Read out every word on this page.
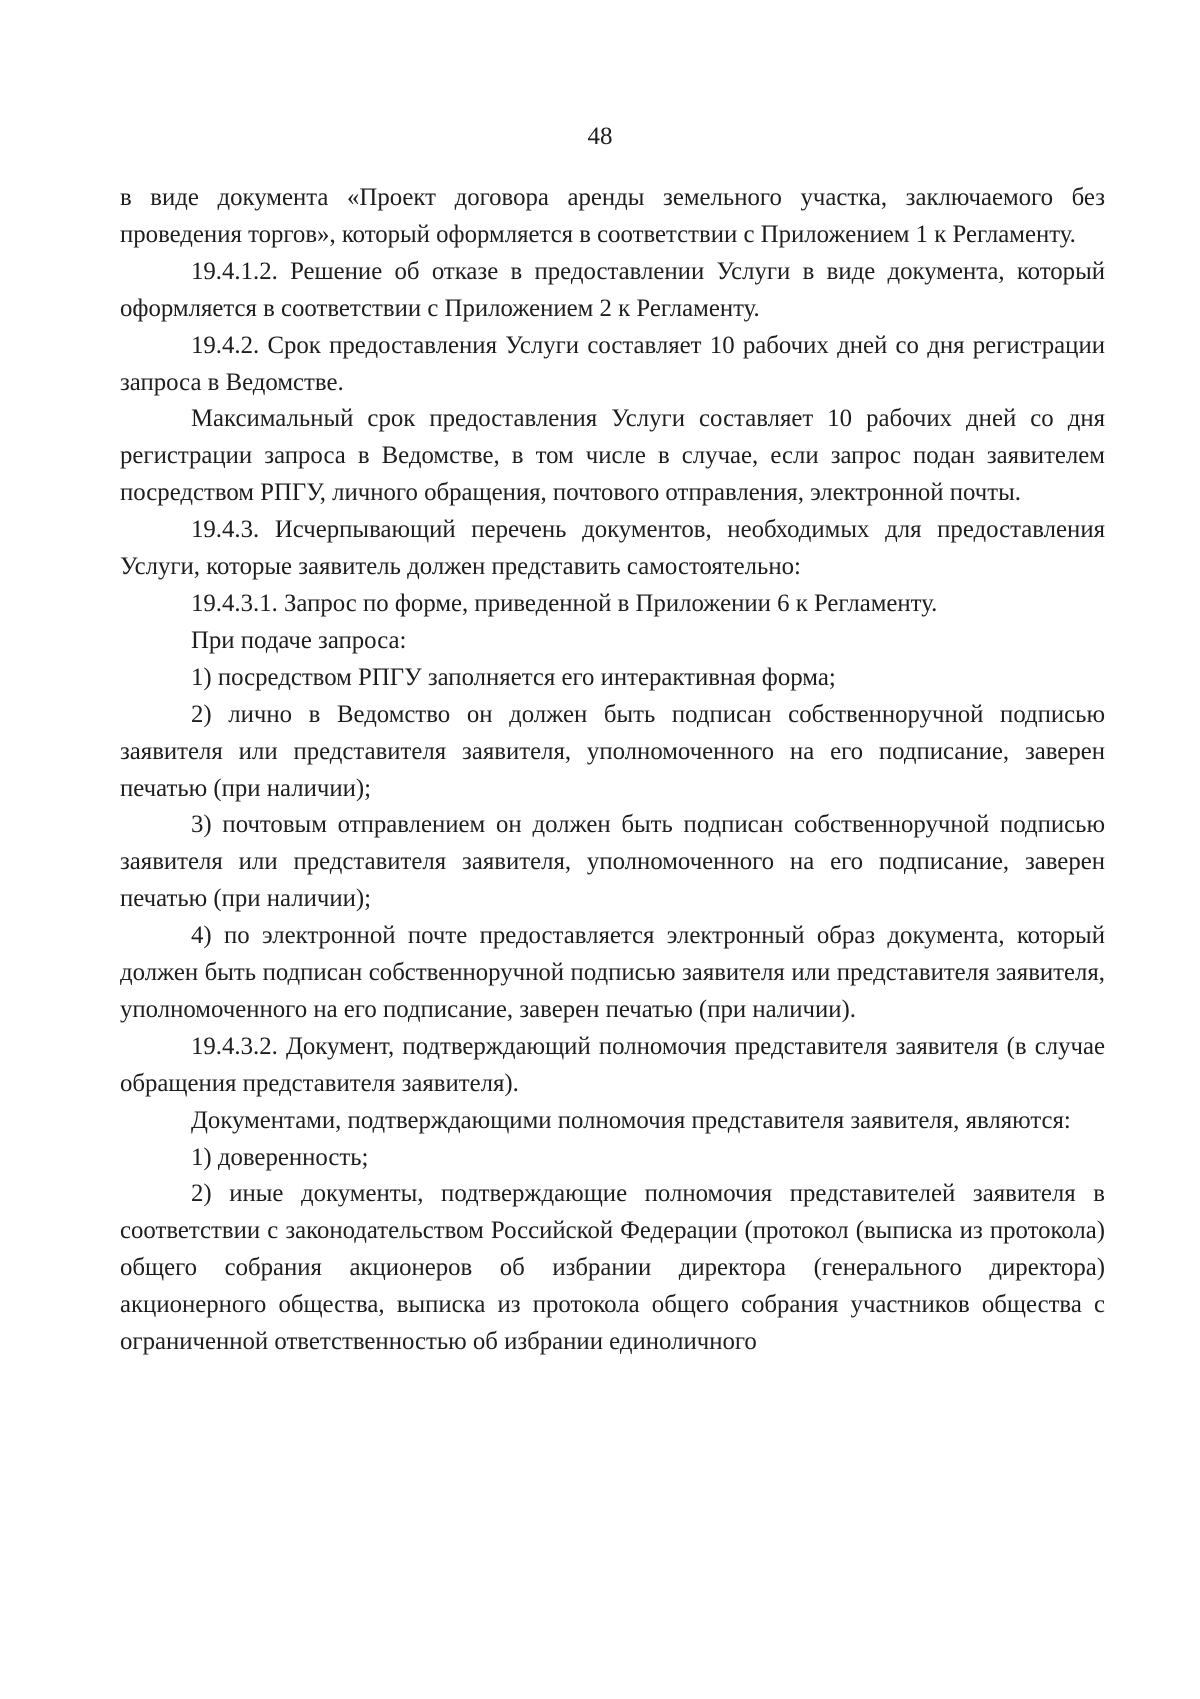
48

в виде документа «Проект договора аренды земельного участка, заключаемого без проведения торгов», который оформляется в соответствии с Приложением 1 к Регламенту.

19.4.1.2. Решение об отказе в предоставлении Услуги в виде документа, который оформляется в соответствии с Приложением 2 к Регламенту.

19.4.2. Срок предоставления Услуги составляет 10 рабочих дней со дня регистрации запроса в Ведомстве.

Максимальный срок предоставления Услуги составляет 10 рабочих дней со дня регистрации запроса в Ведомстве, в том числе в случае, если запрос подан заявителем посредством РПГУ, личного обращения, почтового отправления, электронной почты.

19.4.3. Исчерпывающий перечень документов, необходимых для предоставления Услуги, которые заявитель должен представить самостоятельно:

19.4.3.1. Запрос по форме, приведенной в Приложении 6 к Регламенту.

При подаче запроса:

1) посредством РПГУ заполняется его интерактивная форма;

2) лично в Ведомство он должен быть подписан собственноручной подписью заявителя или представителя заявителя, уполномоченного на его подписание, заверен печатью (при наличии);

3) почтовым отправлением он должен быть подписан собственноручной подписью заявителя или представителя заявителя, уполномоченного на его подписание, заверен печатью (при наличии);

4) по электронной почте предоставляется электронный образ документа, который должен быть подписан собственноручной подписью заявителя или представителя заявителя, уполномоченного на его подписание, заверен печатью (при наличии).

19.4.3.2. Документ, подтверждающий полномочия представителя заявителя (в случае обращения представителя заявителя).

Документами, подтверждающими полномочия представителя заявителя, являются:

1) доверенность;

2) иные документы, подтверждающие полномочия представителей заявителя в соответствии с законодательством Российской Федерации (протокол (выписка из протокола) общего собрания акционеров об избрании директора (генерального директора) акционерного общества, выписка из протокола общего собрания участников общества с ограниченной ответственностью об избрании единоличного
